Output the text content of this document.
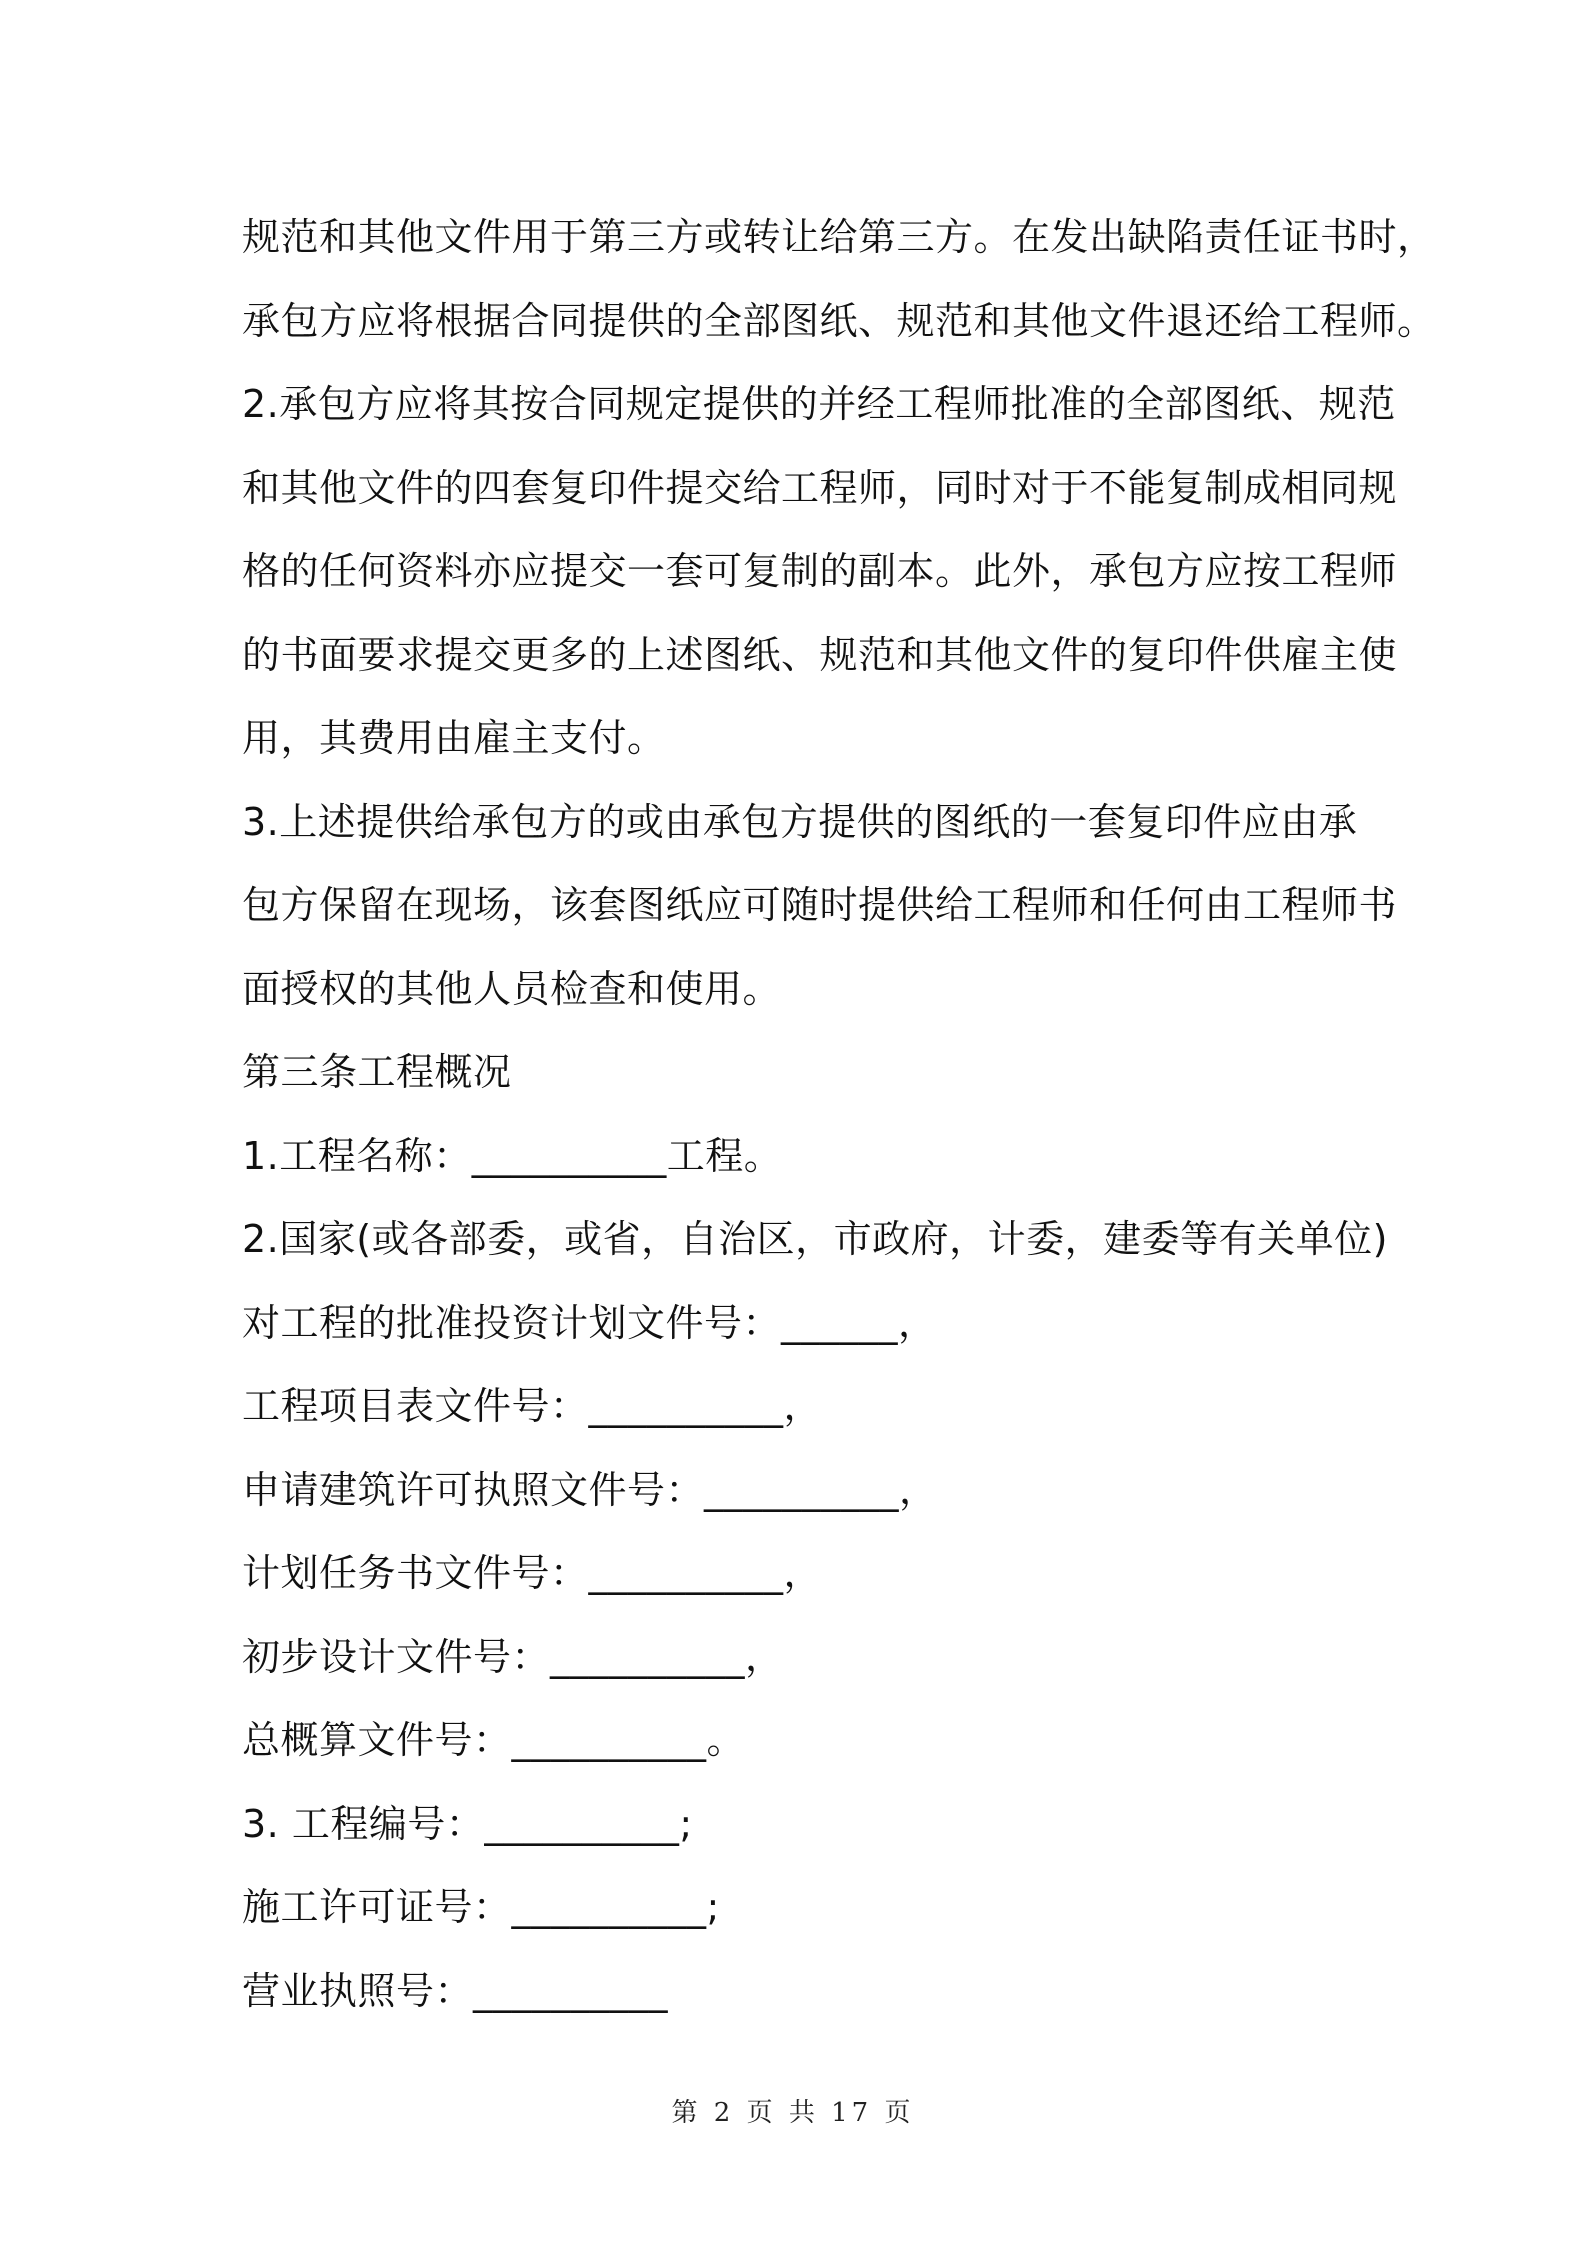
规范和其他文件用于第三方或转让给第三方。在发出缺陷责任证书时，
承包方应将根据合同提供的全部图纸、规范和其他文件退还给工程师。
2.承包方应将其按合同规定提供的并经工程师批准的全部图纸、规范
和其他文件的四套复印件提交给工程师，同时对于不能复制成相同规
格的任何资料亦应提交一套可复制的副本。此外，承包方应按工程师
的书面要求提交更多的上述图纸、规范和其他文件的复印件供雇主使
用，其费用由雇主支付。
3.上述提供给承包方的或由承包方提供的图纸的一套复印件应由承
包方保留在现场，该套图纸应可随时提供给工程师和任何由工程师书
面授权的其他人员检查和使用。
第三条工程概况
1.工程名称：__________工程。
2.国家(或各部委，或省，自治区，市政府，计委，建委等有关单位)
对工程的批准投资计划文件号：______，
工程项目表文件号：__________，
申请建筑许可执照文件号：__________，
计划任务书文件号：__________，
初步设计文件号：__________，
总概算文件号：__________。
3. 工程编号：__________;
施工许可证号：__________;
营业执照号：__________
第 2 页 共 17 页
